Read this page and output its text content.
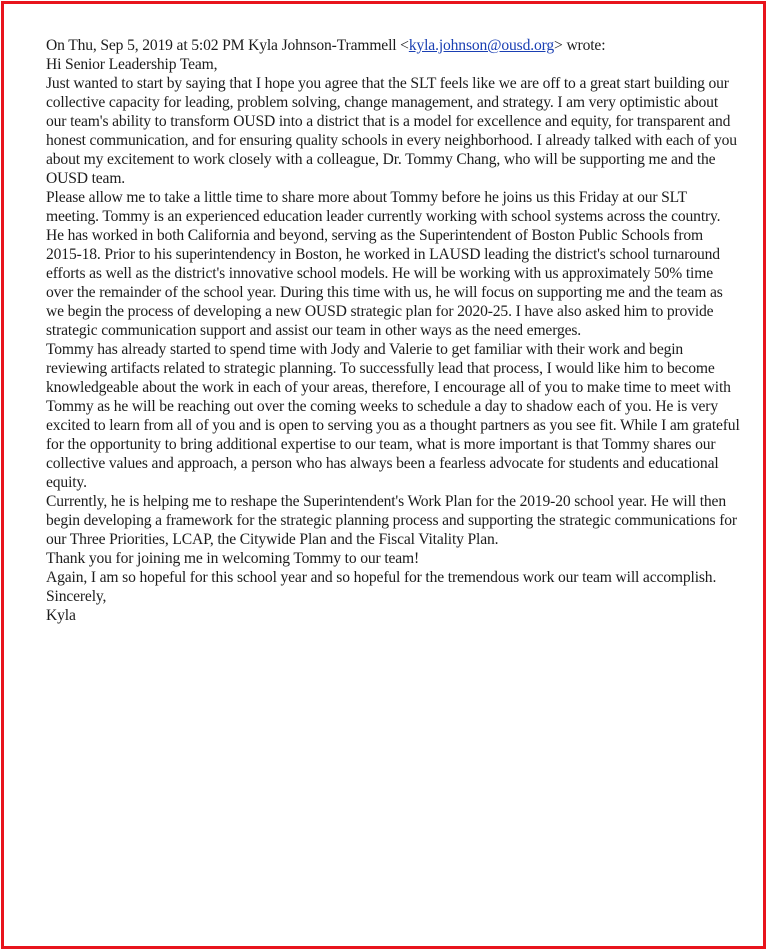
On Thu, Sep 5, 2019 at 5:02 PM Kyla Johnson-Trammell <kyla.johnson@ousd.org> wrote:

Hi Senior Leadership Team,

Just wanted to start by saying that I hope you agree that the SLT feels like we are off to a great start building our collective capacity for leading, problem solving, change management, and strategy. I am very optimistic about our team's ability to transform OUSD into a district that is a model for excellence and equity, for transparent and honest communication, and for ensuring quality schools in every neighborhood. I already talked with each of you about my excitement to work closely with a colleague, Dr. Tommy Chang, who will be supporting me and the OUSD team.

Please allow me to take a little time to share more about Tommy before he joins us this Friday at our SLT meeting. Tommy is an experienced education leader currently working with school systems across the country. He has worked in both California and beyond, serving as the Superintendent of Boston Public Schools from 2015-18. Prior to his superintendency in Boston, he worked in LAUSD leading the district's school turnaround efforts as well as the district's innovative school models. He will be working with us approximately 50% time over the remainder of the school year. During this time with us, he will focus on supporting me and the team as we begin the process of developing a new OUSD strategic plan for 2020-25. I have also asked him to provide strategic communication support and assist our team in other ways as the need emerges.

Tommy has already started to spend time with Jody and Valerie to get familiar with their work and begin reviewing artifacts related to strategic planning. To successfully lead that process, I would like him to become knowledgeable about the work in each of your areas, therefore, I encourage all of you to make time to meet with Tommy as he will be reaching out over the coming weeks to schedule a day to shadow each of you. He is very excited to learn from all of you and is open to serving you as a thought partners as you see fit. While I am grateful for the opportunity to bring additional expertise to our team, what is more important is that Tommy shares our collective values and approach, a person who has always been a fearless advocate for students and educational equity.

Currently, he is helping me to reshape the Superintendent's Work Plan for the 2019-20 school year. He will then begin developing a framework for the strategic planning process and supporting the strategic communications for our Three Priorities, LCAP, the Citywide Plan and the Fiscal Vitality Plan.

Thank you for joining me in welcoming Tommy to our team!

Again, I am so hopeful for this school year and so hopeful for the tremendous work our team will accomplish.

Sincerely,

Kyla
